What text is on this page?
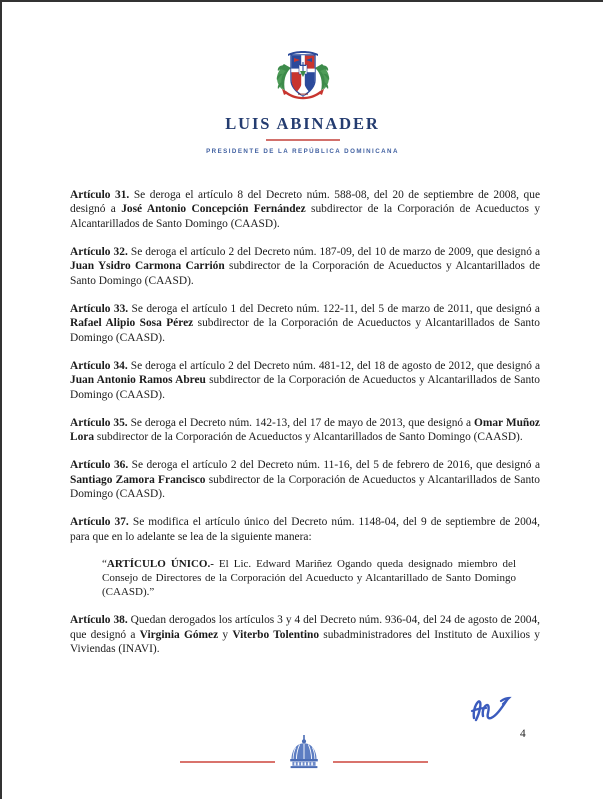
LUIS ABINADER
PRESIDENTE DE LA REPÚBLICA DOMINICANA

Artículo 31. Se deroga el artículo 8 del Decreto núm. 588-08, del 20 de septiembre de 2008, que designó a José Antonio Concepción Fernández subdirector de la Corporación de Acueductos y Alcantarillados de Santo Domingo (CAASD).

Artículo 32. Se deroga el artículo 2 del Decreto núm. 187-09, del 10 de marzo de 2009, que designó a Juan Ysidro Carmona Carrión subdirector de la Corporación de Acueductos y Alcantarillados de Santo Domingo (CAASD).

Artículo 33. Se deroga el artículo 1 del Decreto núm. 122-11, del 5 de marzo de 2011, que designó a Rafael Alipio Sosa Pérez subdirector de la Corporación de Acueductos y Alcantarillados de Santo Domingo (CAASD).

Artículo 34. Se deroga el artículo 2 del Decreto núm. 481-12, del 18 de agosto de 2012, que designó a Juan Antonio Ramos Abreu subdirector de la Corporación de Acueductos y Alcantarillados de Santo Domingo (CAASD).

Artículo 35. Se deroga el Decreto núm. 142-13, del 17 de mayo de 2013, que designó a Omar Muñoz Lora subdirector de la Corporación de Acueductos y Alcantarillados de Santo Domingo (CAASD).

Artículo 36. Se deroga el artículo 2 del Decreto núm. 11-16, del 5 de febrero de 2016, que designó a Santiago Zamora Francisco subdirector de la Corporación de Acueductos y Alcantarillados de Santo Domingo (CAASD).

Artículo 37. Se modifica el artículo único del Decreto núm. 1148-04, del 9 de septiembre de 2004, para que en lo adelante se lea de la siguiente manera:

“ARTÍCULO ÚNICO.- El Lic. Edward Mariñez Ogando queda designado miembro del Consejo de Directores de la Corporación del Acueducto y Alcantarillado de Santo Domingo (CAASD).”

Artículo 38. Quedan derogados los artículos 3 y 4 del Decreto núm. 936-04, del 24 de agosto de 2004, que designó a Virginia Gómez y Viterbo Tolentino subadministradores del Instituto de Auxilios y Viviendas (INAVI).

4
